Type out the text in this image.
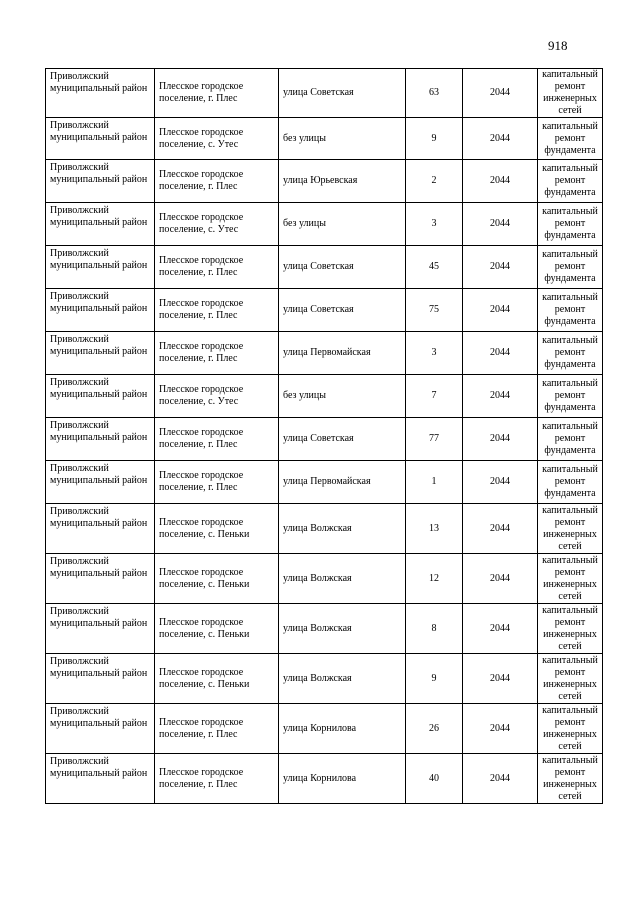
918
Приволжский муниципальный район	Плесское городское поселение, г. Плес	улица Советская	63	2044	капитальный ремонт инженерных сетей
Приволжский муниципальный район	Плесское городское поселение, с. Утес	без улицы	9	2044	капитальный ремонт фундамента
Приволжский муниципальный район	Плесское городское поселение, г. Плес	улица Юрьевская	2	2044	капитальный ремонт фундамента
Приволжский муниципальный район	Плесское городское поселение, с. Утес	без улицы	3	2044	капитальный ремонт фундамента
Приволжский муниципальный район	Плесское городское поселение, г. Плес	улица Советская	45	2044	капитальный ремонт фундамента
Приволжский муниципальный район	Плесское городское поселение, г. Плес	улица Советская	75	2044	капитальный ремонт фундамента
Приволжский муниципальный район	Плесское городское поселение, г. Плес	улица Первомайская	3	2044	капитальный ремонт фундамента
Приволжский муниципальный район	Плесское городское поселение, с. Утес	без улицы	7	2044	капитальный ремонт фундамента
Приволжский муниципальный район	Плесское городское поселение, г. Плес	улица Советская	77	2044	капитальный ремонт фундамента
Приволжский муниципальный район	Плесское городское поселение, г. Плес	улица Первомайская	1	2044	капитальный ремонт фундамента
Приволжский муниципальный район	Плесское городское поселение, с. Пеньки	улица Волжская	13	2044	капитальный ремонт инженерных сетей
Приволжский муниципальный район	Плесское городское поселение, с. Пеньки	улица Волжская	12	2044	капитальный ремонт инженерных сетей
Приволжский муниципальный район	Плесское городское поселение, с. Пеньки	улица Волжская	8	2044	капитальный ремонт инженерных сетей
Приволжский муниципальный район	Плесское городское поселение, с. Пеньки	улица Волжская	9	2044	капитальный ремонт инженерных сетей
Приволжский муниципальный район	Плесское городское поселение, г. Плес	улица Корнилова	26	2044	капитальный ремонт инженерных сетей
Приволжский муниципальный район	Плесское городское поселение, г. Плес	улица Корнилова	40	2044	капитальный ремонт инженерных сетей
